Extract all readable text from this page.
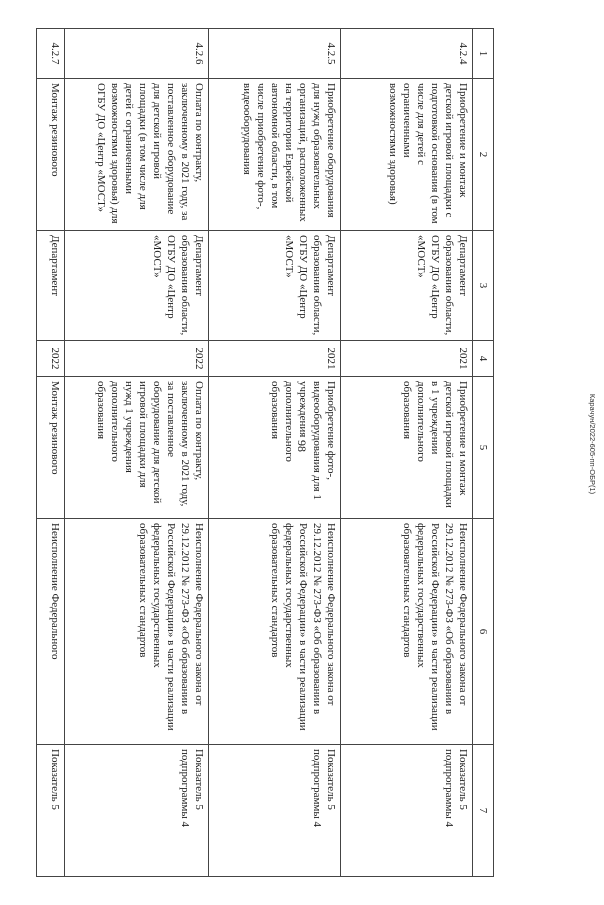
98	Карачун/2022-605-пп-ОБР(1)
1	2	3	4	5	6	7
4.2.4	Приобретение и монтаж детской игровой площадки с подготовкой основания (в том числе для детей с ограниченными возможностями здоровья)	Департамент образования области, ОГБУ ДО «Центр «МОСТ»	2021	Приобретение и монтаж детской игровой площадки в 1 учреждении дополнительного образования	Неисполнение Федерального закона от 29.12.2012 № 273-ФЗ «Об образовании в Российской Федерации» в части реализации федеральных государственных образовательных стандартов	Показатель 5 подпрограммы 4
4.2.5	Приобретение оборудования для нужд образовательных организаций, расположенных на территории Еврейской автономной области, в том числе приобретение фото-, видеооборудования	Департамент образования области, ОГБУ ДО «Центр «МОСТ»	2021	Приобретение фото-, видеооборудования для 1 учреждения дополнительного образования	Неисполнение Федерального закона от 29.12.2012 № 273-ФЗ «Об образовании в Российской Федерации» в части реализации федеральных государственных образовательных стандартов	Показатель 5 подпрограммы 4
4.2.6	Оплата по контракту, заключенному в 2021 году, за поставленное оборудование для детской игровой площадки (в том числе для детей с ограниченными возможностями здоровья) для ОГБУ ДО «Центр «МОСТ»	Департамент образования области, ОГБУ ДО «Центр «МОСТ»	2022	Оплата по контракту, заключенному в 2021 году, за поставленное оборудование для детской игровой площадки для нужд 1 учреждения дополнительного образования	Неисполнение Федерального закона от 29.12.2012 № 273-ФЗ «Об образовании в Российской Федерации» в части реализации федеральных государственных образовательных стандартов	Показатель 5 подпрограммы 4
4.2.7	Монтаж резинового	Департамент	2022	Монтаж резинового	Неисполнение Федерального	Показатель 5
